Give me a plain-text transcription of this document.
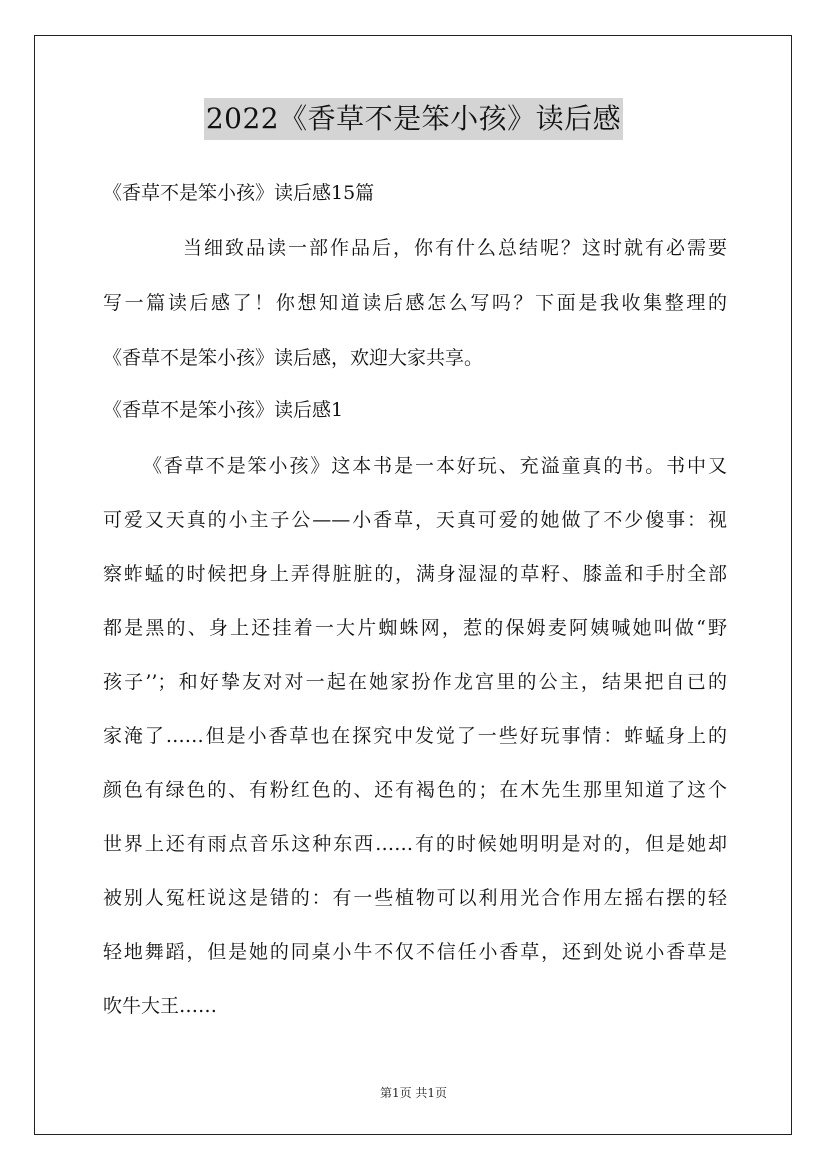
2022《香草不是笨小孩》读后感
《香草不是笨小孩》读后感15篇
当细致品读一部作品后，你有什么总结呢？这时就有必需要
写一篇读后感了！你想知道读后感怎么写吗？下面是我收集整理的
《香草不是笨小孩》读后感，欢迎大家共享。
《香草不是笨小孩》读后感1
《香草不是笨小孩》这本书是一本好玩、充溢童真的书。书中又
可爱又天真的小主子公——小香草，天真可爱的她做了不少傻事：视
察蚱蜢的时候把身上弄得脏脏的，满身湿湿的草籽、膝盖和手肘全部
都是黑的、身上还挂着一大片蜘蛛网，惹的保姆麦阿姨喊她叫做“野
孩子’’；和好挚友对对一起在她家扮作龙宫里的公主，结果把自已的
家淹了……但是小香草也在探究中发觉了一些好玩事情：蚱蜢身上的
颜色有绿色的、有粉红色的、还有褐色的；在木先生那里知道了这个
世界上还有雨点音乐这种东西……有的时候她明明是对的，但是她却
被别人冤枉说这是错的：有一些植物可以利用光合作用左摇右摆的轻
轻地舞蹈，但是她的同桌小牛不仅不信任小香草，还到处说小香草是
吹牛大王……
第1页 共1页
